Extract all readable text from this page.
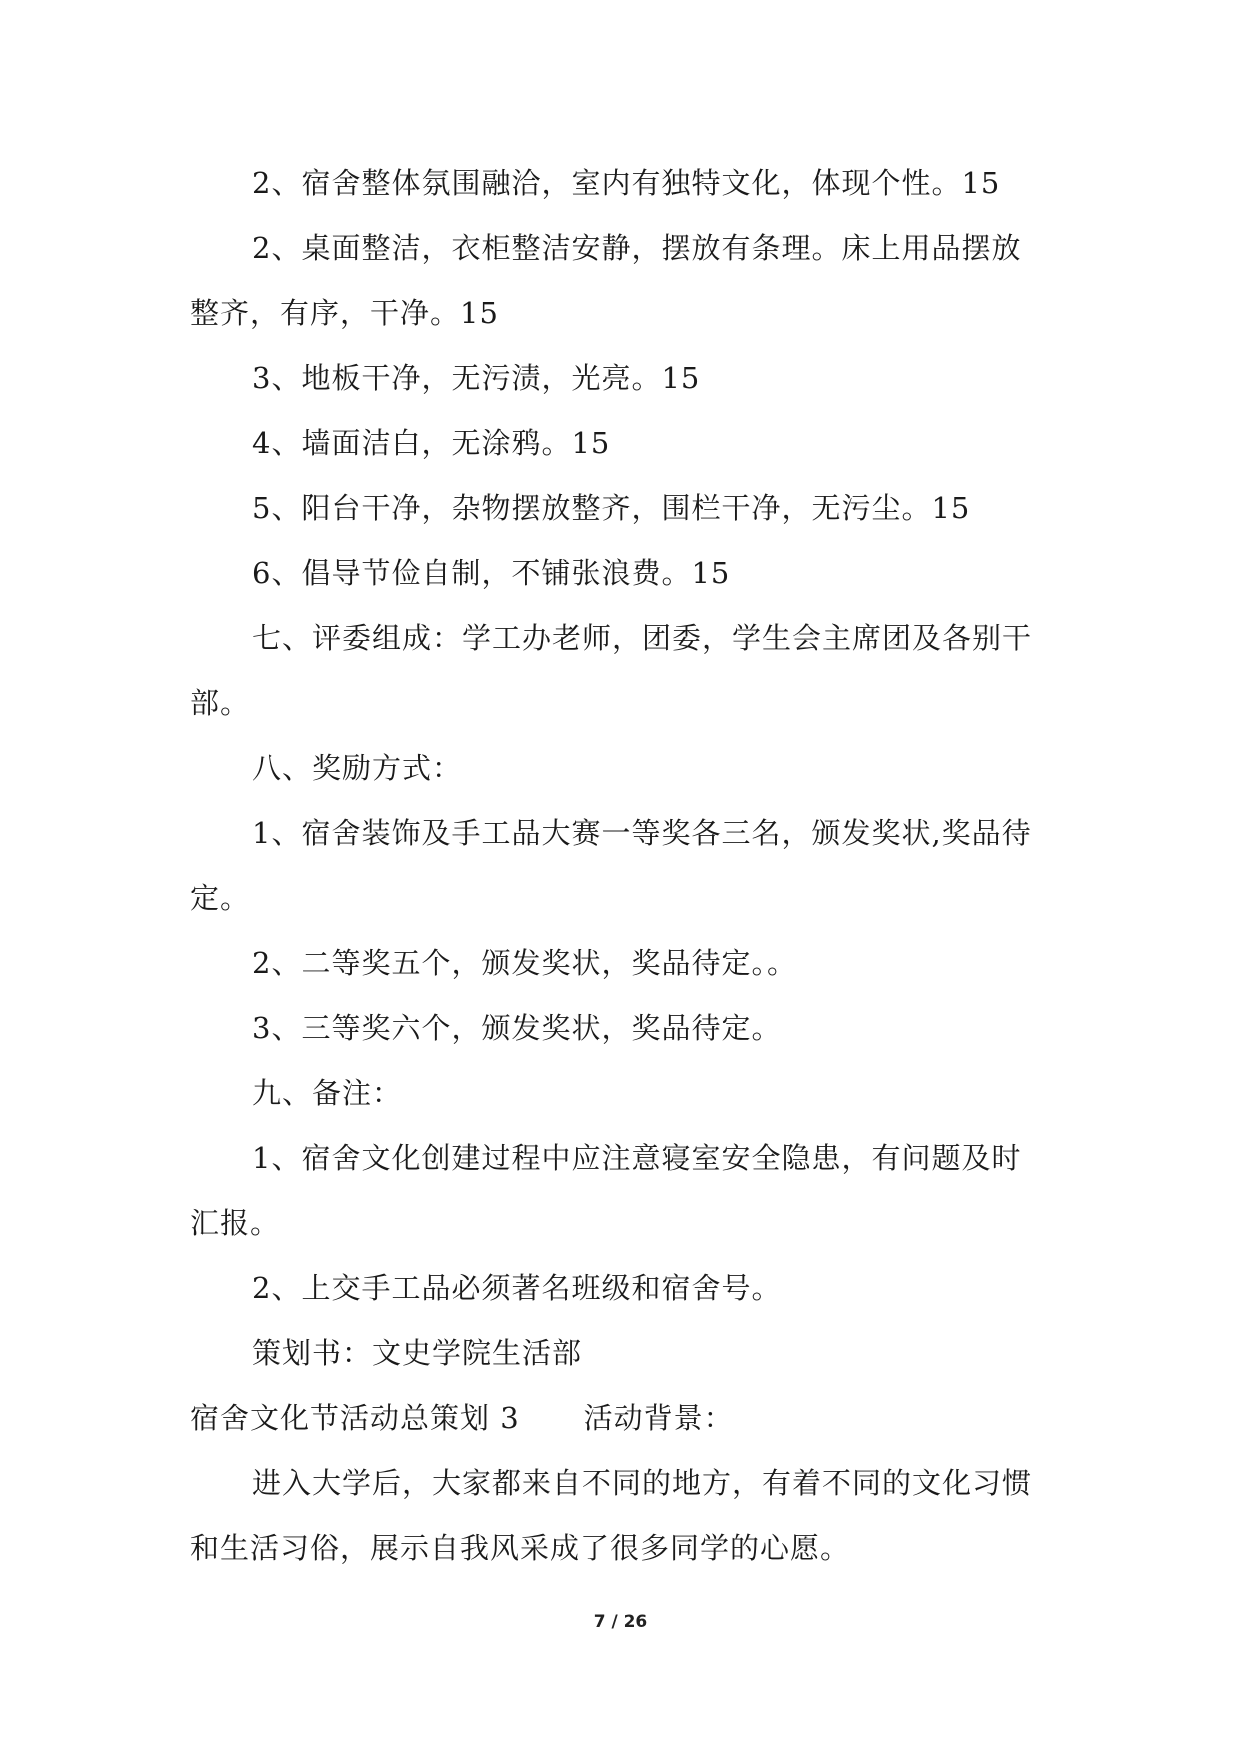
2、宿舍整体氛围融洽，室内有独特文化，体现个性。15
2、桌面整洁，衣柜整洁安静，摆放有条理。床上用品摆放
整齐，有序，干净。15
3、地板干净，无污渍，光亮。15
4、墙面洁白，无涂鸦。15
5、阳台干净，杂物摆放整齐，围栏干净，无污尘。15
6、倡导节俭自制，不铺张浪费。15
七、评委组成：学工办老师，团委，学生会主席团及各别干
部。
八、奖励方式：
1、宿舍装饰及手工品大赛一等奖各三名，颁发奖状,奖品待
定。
2、二等奖五个，颁发奖状，奖品待定。。
3、三等奖六个，颁发奖状，奖品待定。
九、备注：
1、宿舍文化创建过程中应注意寝室安全隐患，有问题及时
汇报。
2、上交手工品必须著名班级和宿舍号。
策划书：文史学院生活部
宿舍文化节活动总策划 3 活动背景：
进入大学后，大家都来自不同的地方，有着不同的文化习惯
和生活习俗，展示自我风采成了很多同学的心愿。
7 / 26
